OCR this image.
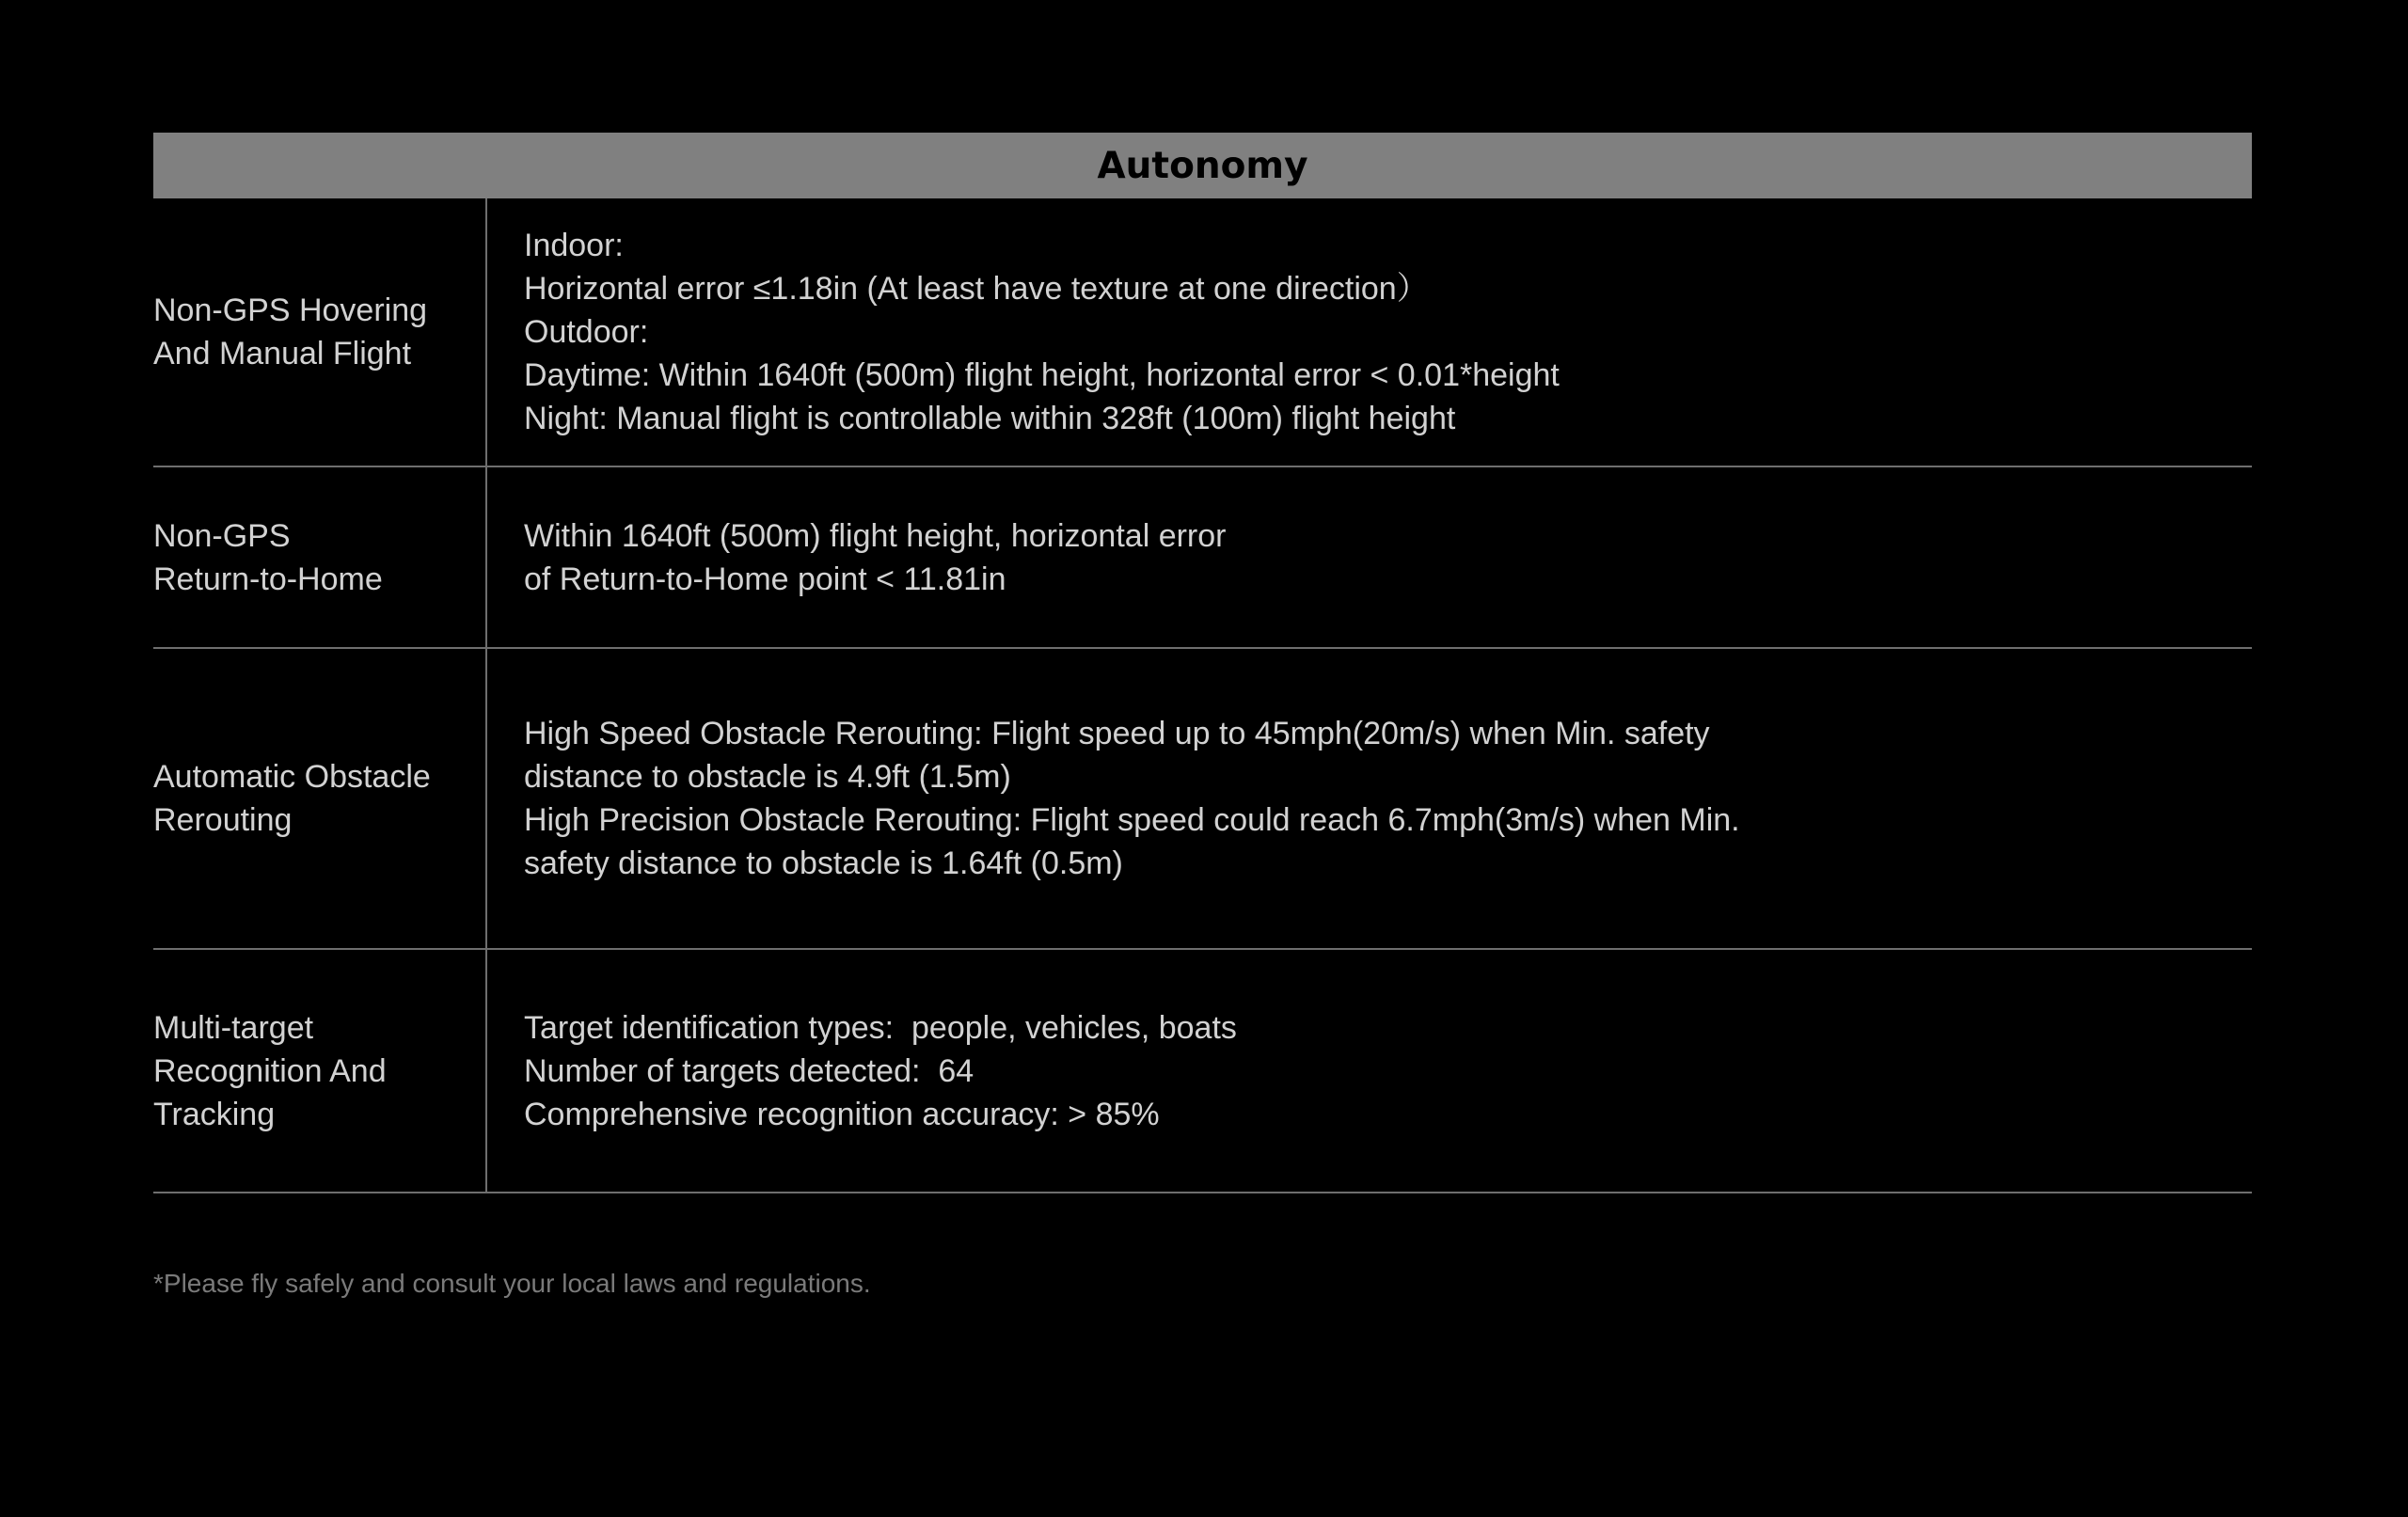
Autonomy
Non-GPS Hovering
And Manual Flight
Indoor:
Horizontal error ≤1.18in (At least have texture at one direction）
Outdoor:
Daytime: Within 1640ft (500m) flight height, horizontal error < 0.01*height
Night: Manual flight is controllable within 328ft (100m) flight height
Non-GPS
Return-to-Home
Within 1640ft (500m) flight height, horizontal error
of Return-to-Home point < 11.81in
Automatic Obstacle
Rerouting
High Speed Obstacle Rerouting: Flight speed up to 45mph(20m/s) when Min. safety
distance to obstacle is 4.9ft (1.5m)
High Precision Obstacle Rerouting: Flight speed could reach 6.7mph(3m/s) when Min.
safety distance to obstacle is 1.64ft (0.5m)
Multi-target
Recognition And
Tracking
Target identification types:  people, vehicles, boats
Number of targets detected:  64
Comprehensive recognition accuracy: > 85%
*Please fly safely and consult your local laws and regulations.
